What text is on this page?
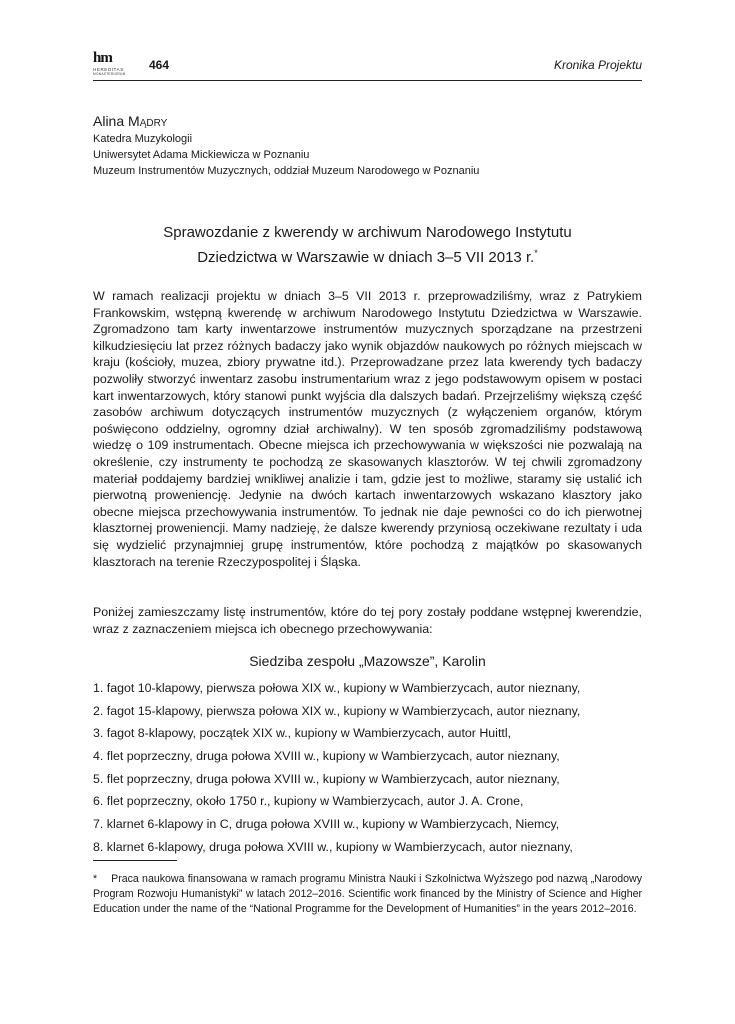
hm
HEREDITAS
MONASTERIORUM
464	Kronika Projektu
Alina Mądry
Katedra Muzykologii
Uniwersytet Adama Mickiewicza w Poznaniu
Muzeum Instrumentów Muzycznych, oddział Muzeum Narodowego w Poznaniu
Sprawozdanie z kwerendy w archiwum Narodowego Instytutu
Dziedzictwa w Warszawie w dniach 3–5 VII 2013 r.*

W ramach realizacji projektu w dniach 3–5 VII 2013 r. przeprowadziliśmy, wraz z Patrykiem Frankowskim, wstępną kwerendę w archiwum Narodowego Instytutu Dziedzictwa w Warszawie. Zgromadzono tam karty inwentarzowe instrumentów muzycznych sporządzane na przestrzeni kilkudziesięciu lat przez różnych badaczy jako wynik objazdów naukowych po różnych miejscach w kraju (kościoły, muzea, zbiory prywatne itd.). Przeprowadzane przez lata kwerendy tych badaczy pozwoliły stworzyć inwentarz zasobu instrumentarium wraz z jego podstawowym opisem w postaci kart inwentarzowych, który stanowi punkt wyjścia dla dalszych badań. Przejrzeliśmy większą część zasobów archiwum dotyczących instrumentów muzycznych (z wyłączeniem organów, którym poświęcono oddzielny, ogromny dział archiwalny). W ten sposób zgromadziliśmy podstawową wiedzę o 109 instrumentach. Obecne miejsca ich przechowywania w większości nie pozwalają na określenie, czy instrumenty te pochodzą ze skasowanych klasztorów. W tej chwili zgromadzony materiał poddajemy bardziej wnikliwej analizie i tam, gdzie jest to możliwe, staramy się ustalić ich pierwotną proweniencję. Jedynie na dwóch kartach inwentarzowych wskazano klasztory jako obecne miejsca przechowywania instrumentów. To jednak nie daje pewności co do ich pierwotnej klasztornej proweniencji. Mamy nadzieję, że dalsze kwerendy przyniosą oczekiwane rezultaty i uda się wydzielić przynajmniej grupę instrumentów, które pochodzą z majątków po skasowanych klasztorach na terenie Rzeczypospolitej i Śląska.

Poniżej zamieszczamy listę instrumentów, które do tej pory zostały poddane wstępnej kwerendzie, wraz z zaznaczeniem miejsca ich obecnego przechowywania:
Siedziba zespołu „Mazowsze”, Karolin
1. fagot 10-klapowy, pierwsza połowa XIX w., kupiony w Wambierzycach, autor nieznany,
2. fagot 15-klapowy, pierwsza połowa XIX w., kupiony w Wambierzycach, autor nieznany,
3. fagot 8-klapowy, początek XIX w., kupiony w Wambierzycach, autor Huittl,
4. flet poprzeczny, druga połowa XVIII w., kupiony w Wambierzycach, autor nieznany,
5. flet poprzeczny, druga połowa XVIII w., kupiony w Wambierzycach, autor nieznany,
6. flet poprzeczny, około 1750 r., kupiony w Wambierzycach, autor J. A. Crone,
7. klarnet 6-klapowy in C, druga połowa XVIII w., kupiony w Wambierzycach, Niemcy,
8. klarnet 6-klapowy, druga połowa XVIII w., kupiony w Wambierzycach, autor nieznany,
* Praca naukowa finansowana w ramach programu Ministra Nauki i Szkolnictwa Wyższego pod nazwą „Narodowy Program Rozwoju Humanistyki” w latach 2012–2016. Scientific work financed by the Ministry of Science and Higher Education under the name of the “National Programme for the Development of Humanities” in the years 2012–2016.
